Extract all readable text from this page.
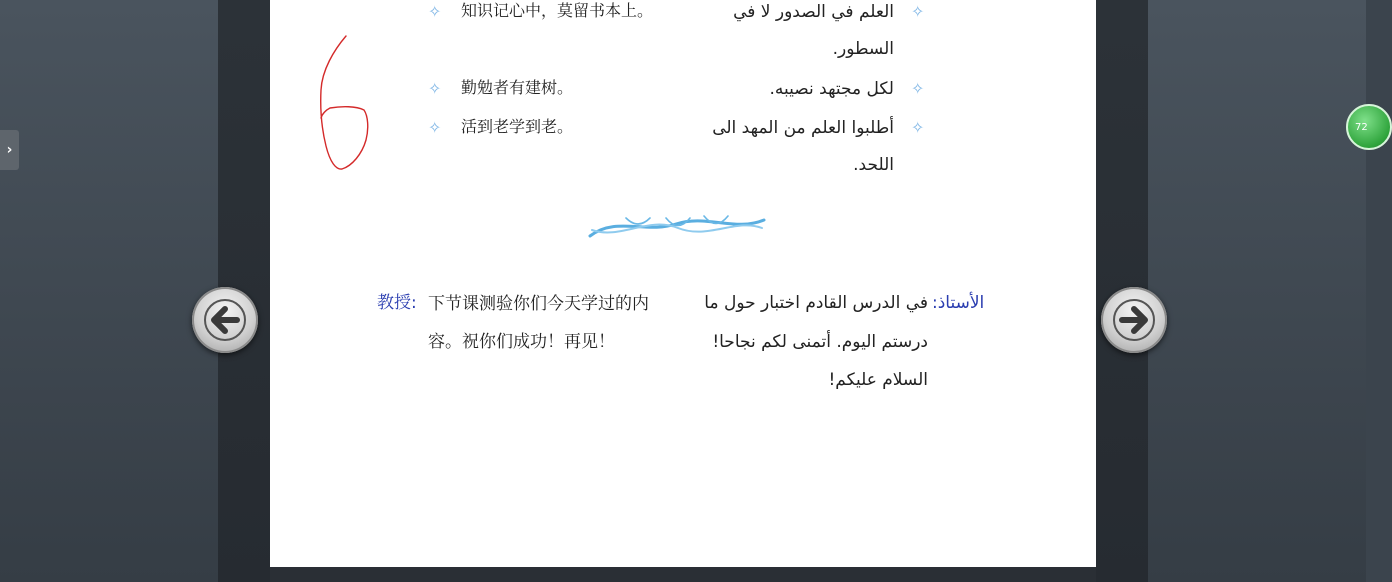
›
✧ 知识记心中，莫留书本上。	العلم في الصدور لا في ✧
السطور.
✧ 勤勉者有建树。	لكل مجتهد نصيبه. ✧
✧ 活到老学到老。	أطلبوا العلم من المهد الى ✧
اللحد.
教授: 下节课测验你们今天学过的内
容。祝你们成功！再见！
الأستاذ:
في الدرس القادم اختبار حول ما
درستم اليوم. أتمنى لكم نجاحا!
السلام عليكم!
72
